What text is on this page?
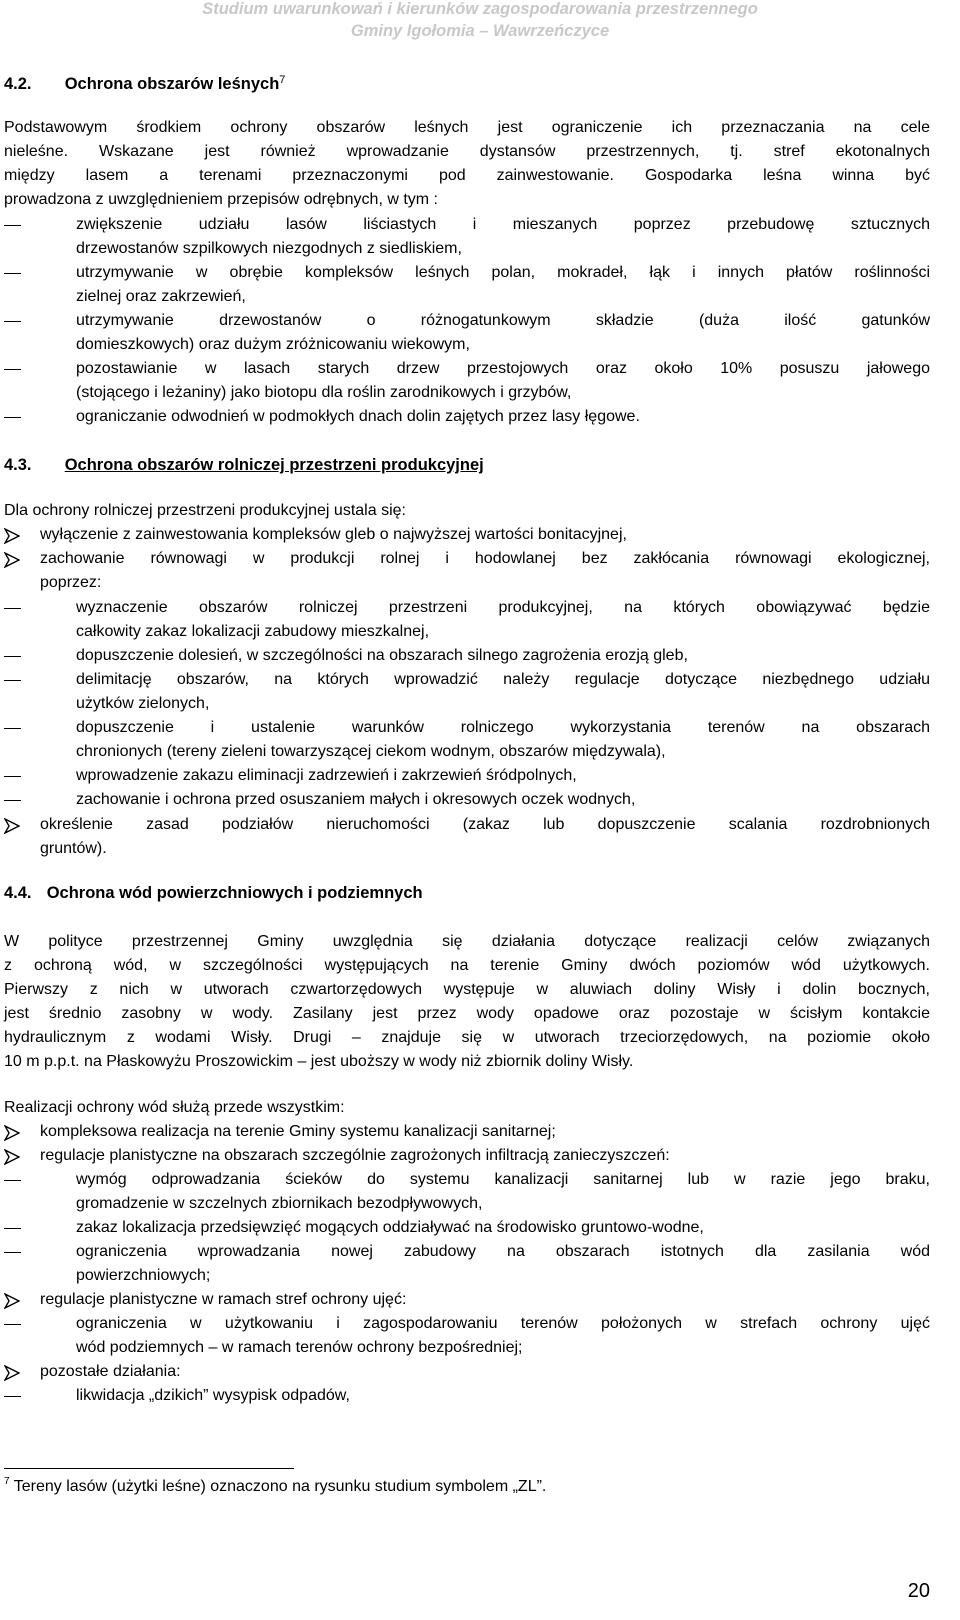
Studium uwarunkowań i kierunków zagospodarowania przestrzennego
Gminy Igołomia – Wawrzeńczyce
4.2. Ochrona obszarów leśnych$^7$
Podstawowym środkiem ochrony obszarów leśnych jest ograniczenie ich przeznaczania na cele
nieleśne. Wskazane jest również wprowadzanie dystansów przestrzennych, tj. stref ekotonalnych
między lasem a terenami przeznaczonymi pod zainwestowanie. Gospodarka leśna winna być
prowadzona z uwzględnieniem przepisów odrębnych, w tym :
zwiększenie udziału lasów liściastych i mieszanych poprzez przebudowę sztucznych
drzewostanów szpilkowych niezgodnych z siedliskiem,
utrzymywanie w obrębie kompleksów leśnych polan, mokradeł, łąk i innych płatów roślinności
zielnej oraz zakrzewień,
utrzymywanie drzewostanów o różnogatunkowym składzie (duża ilość gatunków
domieszkowych) oraz dużym zróżnicowaniu wiekowym,
pozostawianie w lasach starych drzew przestojowych oraz około 10% posuszu jałowego
(stojącego i leżaniny) jako biotopu dla roślin zarodnikowych i grzybów,
ograniczanie odwodnień w podmokłych dnach dolin zajętych przez lasy łęgowe.
4.3. Ochrona obszarów rolniczej przestrzeni produkcyjnej
Dla ochrony rolniczej przestrzeni produkcyjnej ustala się:
wyłączenie z zainwestowania kompleksów gleb o najwyższej wartości bonitacyjnej,
zachowanie równowagi w produkcji rolnej i hodowlanej bez zakłócania równowagi ekologicznej,
poprzez:
wyznaczenie obszarów rolniczej przestrzeni produkcyjnej, na których obowiązywać będzie
całkowity zakaz lokalizacji zabudowy mieszkalnej,
dopuszczenie dolesień, w szczególności na obszarach silnego zagrożenia erozją gleb,
delimitację obszarów, na których wprowadzić należy regulacje dotyczące niezbędnego udziału
użytków zielonych,
dopuszczenie i ustalenie warunków rolniczego wykorzystania terenów na obszarach
chronionych (tereny zieleni towarzyszącej ciekom wodnym, obszarów międzywala),
wprowadzenie zakazu eliminacji zadrzewień i zakrzewień śródpolnych,
zachowanie i ochrona przed osuszaniem małych i okresowych oczek wodnych,
określenie zasad podziałów nieruchomości (zakaz lub dopuszczenie scalania rozdrobnionych
gruntów).
4.4. Ochrona wód powierzchniowych i podziemnych
W polityce przestrzennej Gminy uwzględnia się działania dotyczące realizacji celów związanych
z ochroną wód, w szczególności występujących na terenie Gminy dwóch poziomów wód użytkowych.
Pierwszy z nich w utworach czwartorzędowych występuje w aluwiach doliny Wisły i dolin bocznych,
jest średnio zasobny w wody. Zasilany jest przez wody opadowe oraz pozostaje w ścisłym kontakcie
hydraulicznym z wodami Wisły. Drugi – znajduje się w utworach trzeciorzędowych, na poziomie około
10 m p.p.t. na Płaskowyżu Proszowickim – jest uboższy w wody niż zbiornik doliny Wisły.
Realizacji ochrony wód służą przede wszystkim:
kompleksowa realizacja na terenie Gminy systemu kanalizacji sanitarnej;
regulacje planistyczne na obszarach szczególnie zagrożonych infiltracją zanieczyszczeń:
wymóg odprowadzania ścieków do systemu kanalizacji sanitarnej lub w razie jego braku,
gromadzenie w szczelnych zbiornikach bezodpływowych,
zakaz lokalizacja przedsięwzięć mogących oddziaływać na środowisko gruntowo-wodne,
ograniczenia wprowadzania nowej zabudowy na obszarach istotnych dla zasilania wód
powierzchniowych;
regulacje planistyczne w ramach stref ochrony ujęć:
ograniczenia w użytkowaniu i zagospodarowaniu terenów położonych w strefach ochrony ujęć
wód podziemnych – w ramach terenów ochrony bezpośredniej;
pozostałe działania:
likwidacja „dzikich” wysypisk odpadów,
$^7$ Tereny lasów (użytki leśne) oznaczono na rysunku studium symbolem „ZL”.
20
